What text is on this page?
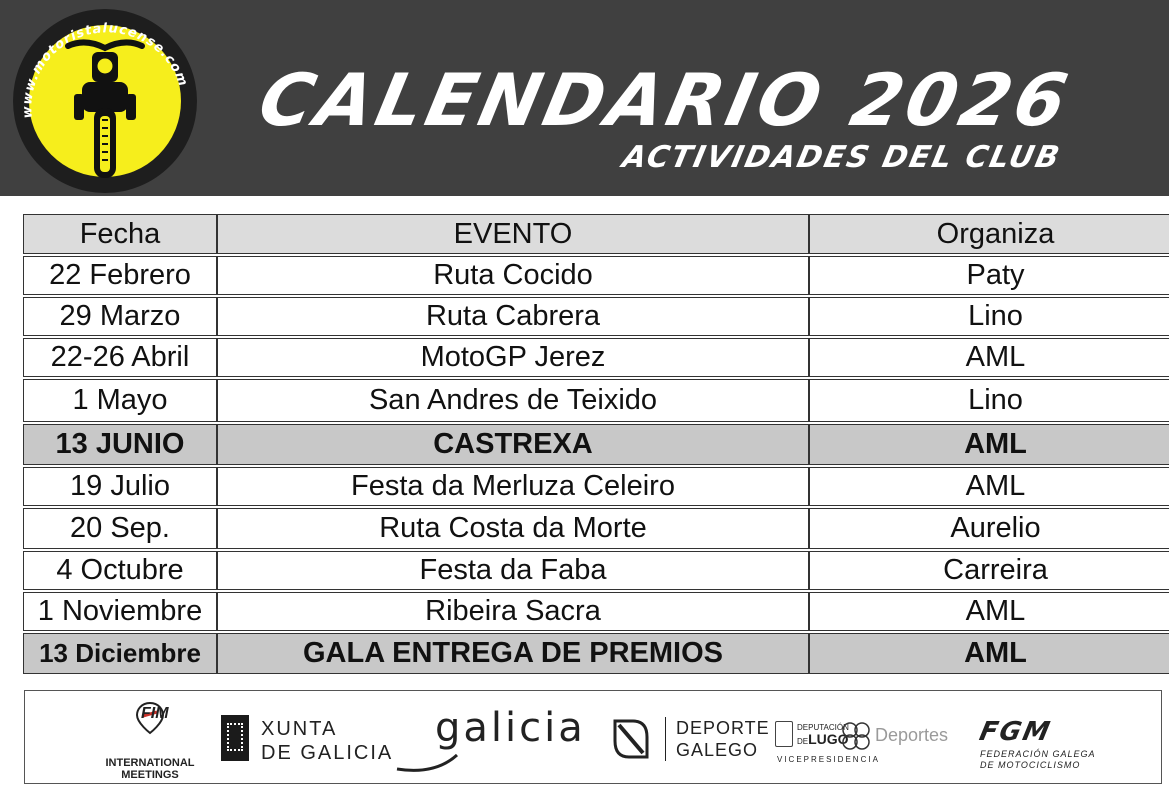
www.motoristalucense.com CALENDARIO 2026
ACTIVIDADES DEL CLUB
Fecha	EVENTO	Organiza
22 Febrero	Ruta Cocido	Paty
29 Marzo	Ruta Cabrera	Lino
22-26 Abril	MotoGP Jerez	AML
1 Mayo	San Andres de Teixido	Lino
13 JUNIO	CASTREXA	AML
19 Julio	Festa da Merluza Celeiro	AML
20 Sep.	Ruta Costa da Morte	Aurelio
4 Octubre	Festa da Faba	Carreira
1 Noviembre	Ribeira Sacra	AML
13 Diciembre	GALA ENTREGA DE PREMIOS	AML
FIM
INTERNATIONAL
MEETINGS
XUNTA
DE GALICIA
galicia	DEPORTE
GALEGO
DEPUTACIÓN
DELUGO Deportes
VICEPRESIDENCIA
FGM
FEDERACIÓN GALEGA
DE MOTOCICLISMO
